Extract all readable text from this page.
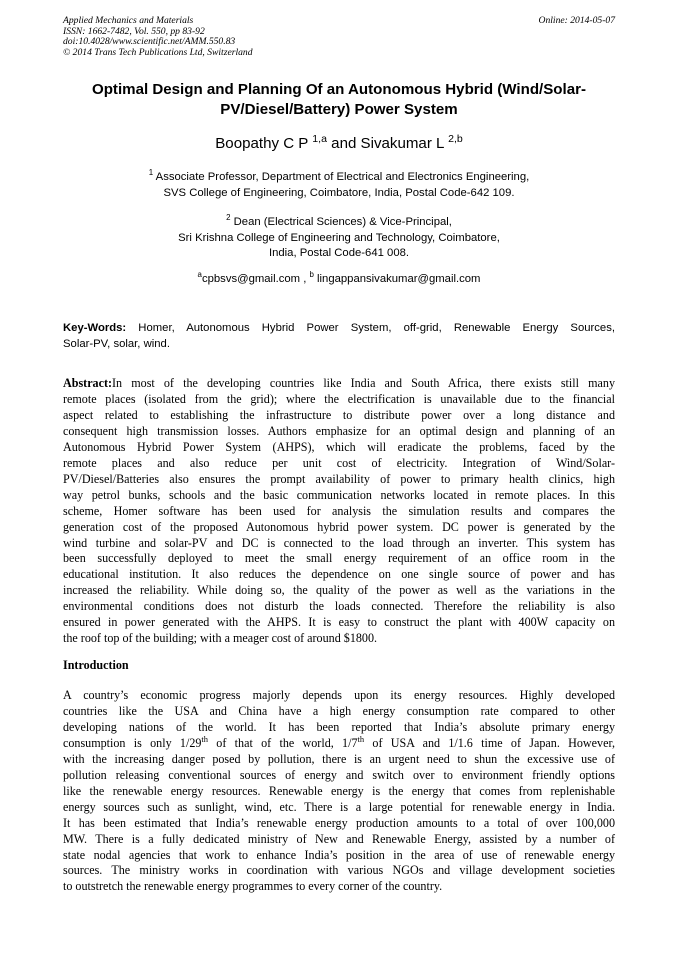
Applied Mechanics and Materials
ISSN: 1662-7482, Vol. 550, pp 83-92
doi:10.4028/www.scientific.net/AMM.550.83
© 2014 Trans Tech Publications Ltd, Switzerland
Online: 2014-05-07
Optimal Design and Planning Of an Autonomous Hybrid (Wind/Solar-
PV/Diesel/Battery) Power System
Boopathy C P $^{1,a}$ and Sivakumar L $^{2,b}$
$^1$ Associate Professor, Department of Electrical and Electronics Engineering,
SVS College of Engineering, Coimbatore, India, Postal Code-642 109.
$^2$ Dean (Electrical Sciences) & Vice-Principal,
Sri Krishna College of Engineering and Technology, Coimbatore,
India, Postal Code-641 008.
$^a$cpbsvs@gmail.com , $^b$ lingappansivakumar@gmail.com
Key-Words: Homer, Autonomous Hybrid Power System, off-grid, Renewable Energy Sources,
Solar-PV, solar, wind.
Abstract:In most of the developing countries like India and South Africa, there exists still many
remote places (isolated from the grid); where the electrification is unavailable due to the financial
aspect related to establishing the infrastructure to distribute power over a long distance and
consequent high transmission losses. Authors emphasize for an optimal design and planning of an
Autonomous Hybrid Power System (AHPS), which will eradicate the problems, faced by the
remote places and also reduce per unit cost of electricity. Integration of Wind/Solar-
PV/Diesel/Batteries also ensures the prompt availability of power to primary health clinics, high
way petrol bunks, schools and the basic communication networks located in remote places. In this
scheme, Homer software has been used for analysis the simulation results and compares the
generation cost of the proposed Autonomous hybrid power system. DC power is generated by the
wind turbine and solar-PV and DC is connected to the load through an inverter. This system has
been successfully deployed to meet the small energy requirement of an office room in the
educational institution. It also reduces the dependence on one single source of power and has
increased the reliability. While doing so, the quality of the power as well as the variations in the
environmental conditions does not disturb the loads connected. Therefore the reliability is also
ensured in power generated with the AHPS. It is easy to construct the plant with 400W capacity on
the roof top of the building; with a meager cost of around $1800.
Introduction
A country’s economic progress majorly depends upon its energy resources. Highly developed
countries like the USA and China have a high energy consumption rate compared to other
developing nations of the world. It has been reported that India’s absolute primary energy
consumption is only 1/29th of that of the world, 1/7th of USA and 1/1.6 time of Japan. However,
with the increasing danger posed by pollution, there is an urgent need to shun the excessive use of
pollution releasing conventional sources of energy and switch over to environment friendly options
like the renewable energy resources. Renewable energy is the energy that comes from replenishable
energy sources such as sunlight, wind, etc. There is a large potential for renewable energy in India.
It has been estimated that India’s renewable energy production amounts to a total of over 100,000
MW. There is a fully dedicated ministry of New and Renewable Energy, assisted by a number of
state nodal agencies that work to enhance India’s position in the area of use of renewable energy
sources. The ministry works in coordination with various NGOs and village development societies
to outstretch the renewable energy programmes to every corner of the country.
